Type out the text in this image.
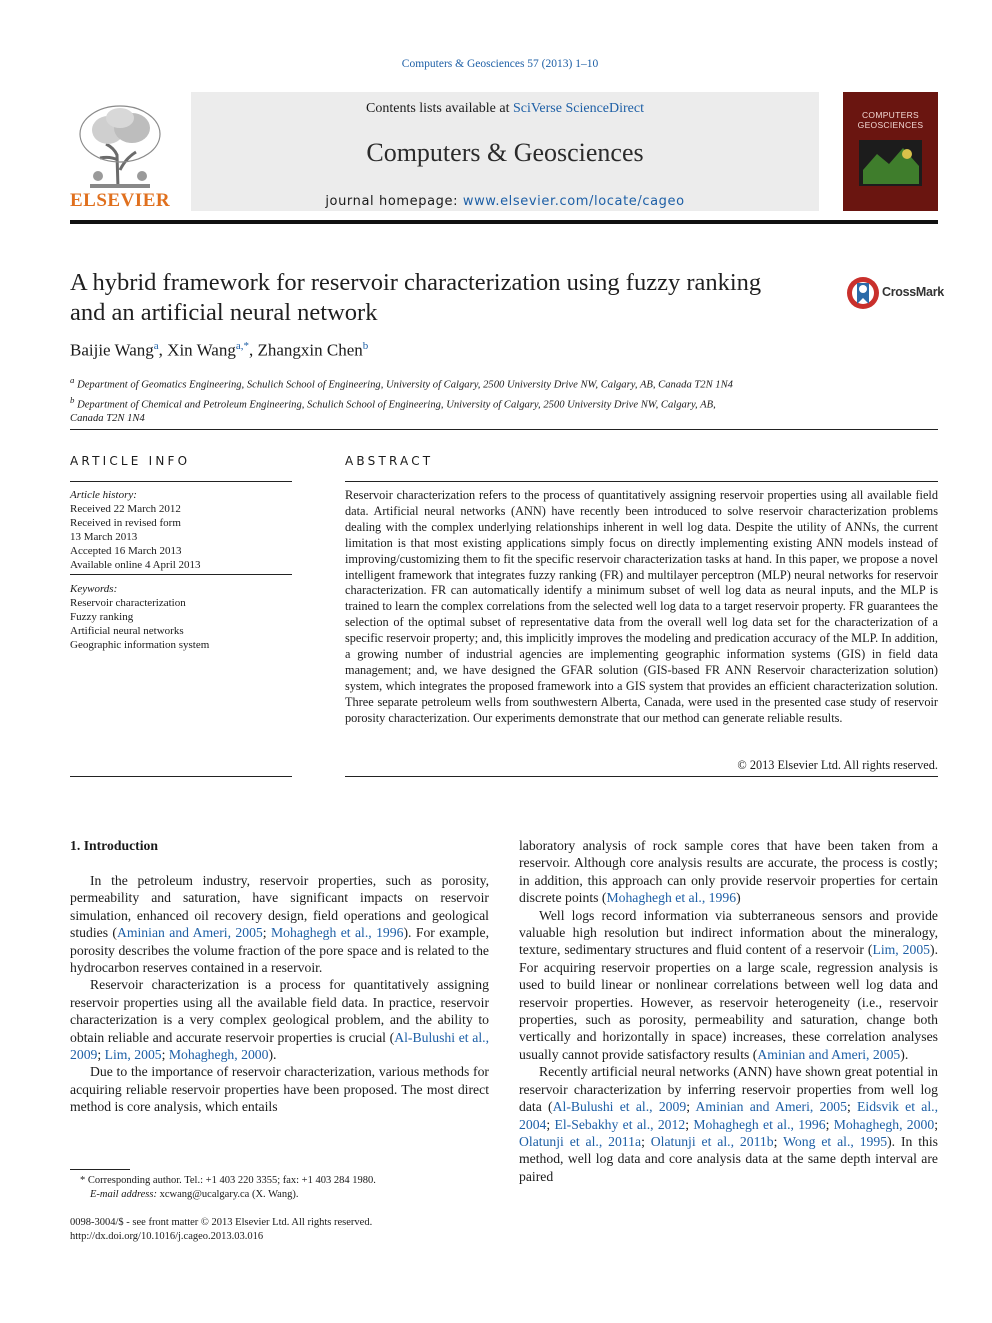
Computers & Geosciences 57 (2013) 1–10
ELSEVIER
Contents lists available at SciVerse ScienceDirect
Computers & Geosciences
journal homepage: www.elsevier.com/locate/cageo
COMPUTERS
GEOSCIENCES
A hybrid framework for reservoir characterization using fuzzy ranking
and an artificial neural network
CrossMark
Baijie Wang$^a$, Xin Wang$^{a,*}$, Zhangxin Chen$^b$
$^a$ Department of Geomatics Engineering, Schulich School of Engineering, University of Calgary, 2500 University Drive NW, Calgary, AB, Canada T2N 1N4
$^b$ Department of Chemical and Petroleum Engineering, Schulich School of Engineering, University of Calgary, 2500 University Drive NW, Calgary, AB,
Canada T2N 1N4
ARTICLE INFO
Article history:
Received 22 March 2012
Received in revised form
13 March 2013
Accepted 16 March 2013
Available online 4 April 2013
Keywords:
Reservoir characterization
Fuzzy ranking
Artificial neural networks
Geographic information system
ABSTRACT
Reservoir characterization refers to the process of quantitatively assigning reservoir properties using all available field data. Artificial neural networks (ANN) have recently been introduced to solve reservoir characterization problems dealing with the complex underlying relationships inherent in well log data. Despite the utility of ANNs, the current limitation is that most existing applications simply focus on directly implementing existing ANN models instead of improving/customizing them to fit the specific reservoir characterization tasks at hand. In this paper, we propose a novel intelligent framework that integrates fuzzy ranking (FR) and multilayer perceptron (MLP) neural networks for reservoir characterization. FR can automatically identify a minimum subset of well log data as neural inputs, and the MLP is trained to learn the complex correlations from the selected well log data to a target reservoir property. FR guarantees the selection of the optimal subset of representative data from the overall well log data set for the characterization of a specific reservoir property; and, this implicitly improves the modeling and predication accuracy of the MLP. In addition, a growing number of industrial agencies are implementing geographic information systems (GIS) in field data management; and, we have designed the GFAR solution (GIS-based FR ANN Reservoir characterization solution) system, which integrates the proposed framework into a GIS system that provides an efficient characterization solution. Three separate petroleum wells from southwestern Alberta, Canada, were used in the presented case study of reservoir porosity characterization. Our experiments demonstrate that our method can generate reliable results.
© 2013 Elsevier Ltd. All rights reserved.
1. Introduction

In the petroleum industry, reservoir properties, such as porosity, permeability and saturation, have significant impacts on reservoir simulation, enhanced oil recovery design, field operations and geological studies (Aminian and Ameri, 2005; Mohaghegh et al., 1996). For example, porosity describes the volume fraction of the pore space and is related to the hydrocarbon reserves contained in a reservoir.

Reservoir characterization is a process for quantitatively assigning reservoir properties using all the available field data. In practice, reservoir characterization is a very complex geological problem, and the ability to obtain reliable and accurate reservoir properties is crucial (Al-Bulushi et al., 2009; Lim, 2005; Mohaghegh, 2000).

Due to the importance of reservoir characterization, various methods for acquiring reliable reservoir properties have been proposed. The most direct method is core analysis, which entails

laboratory analysis of rock sample cores that have been taken from a reservoir. Although core analysis results are accurate, the process is costly; in addition, this approach can only provide reservoir properties for certain discrete points (Mohaghegh et al., 1996)

Well logs record information via subterraneous sensors and provide valuable high resolution but indirect information about the mineralogy, texture, sedimentary structures and fluid content of a reservoir (Lim, 2005). For acquiring reservoir properties on a large scale, regression analysis is used to build linear or nonlinear correlations between well log data and reservoir properties. However, as reservoir heterogeneity (i.e., reservoir properties, such as porosity, permeability and saturation, change both vertically and horizontally in space) increases, these correlation analyses usually cannot provide satisfactory results (Aminian and Ameri, 2005).

Recently artificial neural networks (ANN) have shown great potential in reservoir characterization by inferring reservoir properties from well log data (Al-Bulushi et al., 2009; Aminian and Ameri, 2005; Eidsvik et al., 2004; El-Sebakhy et al., 2012; Mohaghegh et al., 1996; Mohaghegh, 2000; Olatunji et al., 2011a; Olatunji et al., 2011b; Wong et al., 1995). In this method, well log data and core analysis data at the same depth interval are paired

* Corresponding author. Tel.: +1 403 220 3355; fax: +1 403 284 1980.
E-mail address: xcwang@ucalgary.ca (X. Wang).
0098-3004/$ - see front matter © 2013 Elsevier Ltd. All rights reserved.
http://dx.doi.org/10.1016/j.cageo.2013.03.016
